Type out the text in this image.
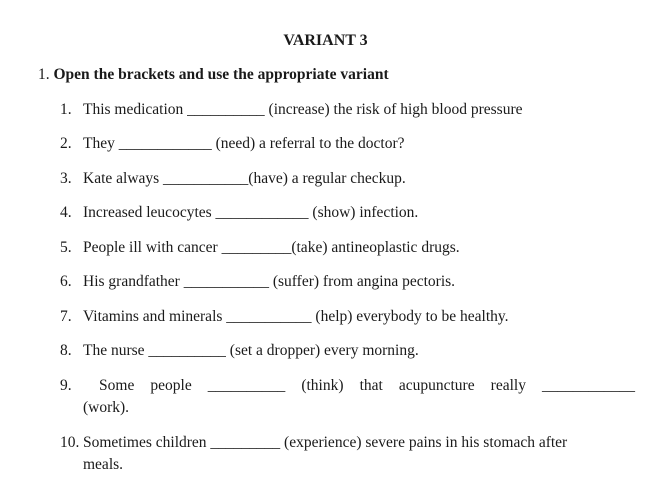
VARIANT 3
1. Open the brackets and use the appropriate variant
1. This medication __________ (increase) the risk of high blood pressure
2. They ____________ (need) a referral to the doctor?
3. Kate always ___________(have) a regular checkup.
4. Increased leucocytes ____________ (show) infection.
5. People ill with cancer _________(take) antineoplastic drugs.
6. His grandfather ___________ (suffer) from angina pectoris.
7. Vitamins and minerals ___________ (help) everybody to be healthy.
8. The nurse __________ (set a dropper) every morning.
9.	Some people __________ (think) that acupuncture really ____________
(work).
10. Sometimes children _________ (experience) severe pains in his stomach after
meals.
